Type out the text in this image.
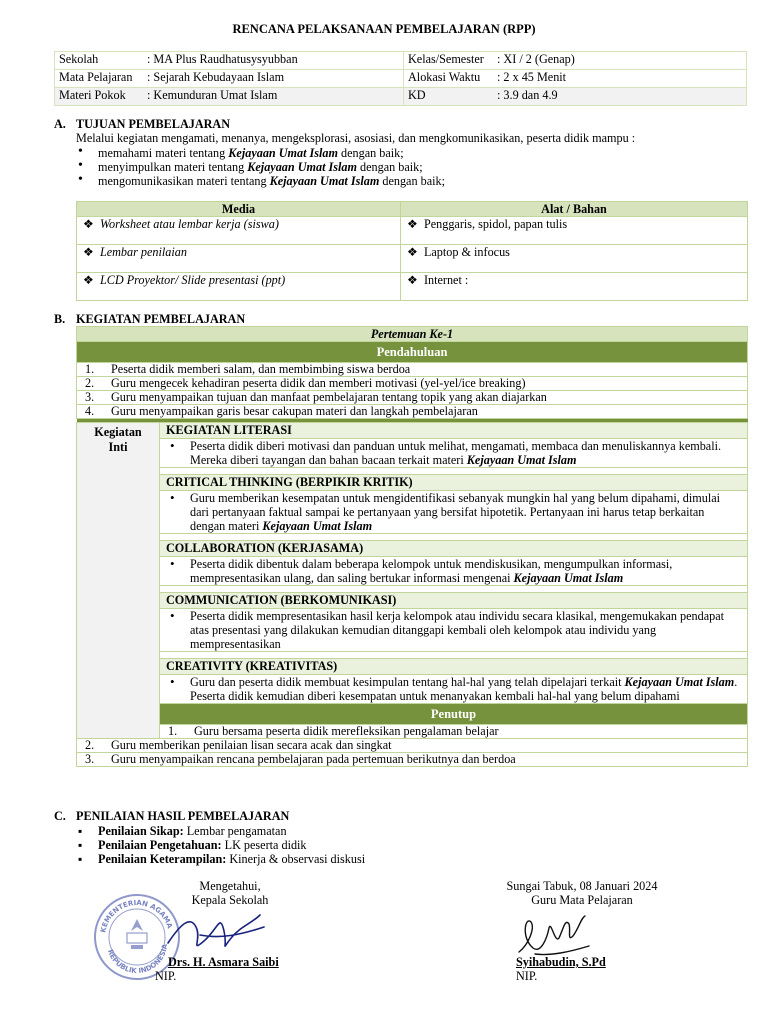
RENCANA PELAKSANAAN PEMBELAJARAN (RPP)
Sekolah : MA Plus Raudhatusysyubban	Kelas/Semester : XI / 2 (Genap)
Mata Pelajaran : Sejarah Kebudayaan Islam	Alokasi Waktu : 2 x 45 Menit
Materi Pokok : Kemunduran Umat Islam	KD : 3.9 dan 4.9
A. TUJUAN PEMBELAJARAN
Melalui kegiatan mengamati, menanya, mengeksplorasi, asosiasi, dan mengkomunikasikan, peserta didik mampu :
• memahami materi tentang Kejayaan Umat Islam dengan baik;
• menyimpulkan materi tentang Kejayaan Umat Islam dengan baik;
• mengomunikasikan materi tentang Kejayaan Umat Islam dengan baik;
Media	Alat / Bahan
❖ Worksheet atau lembar kerja (siswa)	❖ Penggaris, spidol, papan tulis
❖ Lembar penilaian	❖ Laptop & infocus
❖ LCD Proyektor/ Slide presentasi (ppt)	❖ Internet :
B. KEGIATAN PEMBELAJARAN
Pertemuan Ke-1
Pendahuluan
1. Peserta didik memberi salam, dan membimbing siswa berdoa
2. Guru mengecek kehadiran peserta didik dan memberi motivasi (yel-yel/ice breaking)
3. Guru menyampaikan tujuan dan manfaat pembelajaran tentang topik yang akan diajarkan
4. Guru menyampaikan garis besar cakupan materi dan langkah pembelajaran

Kegiatan
Inti	KEGIATAN LITERASI

• Peserta didik diberi motivasi dan panduan untuk melihat, mengamati, membaca dan menuliskannya kembali. Mereka diberi tayangan dan bahan bacaan terkait materi Kejayaan Umat Islam

CRITICAL THINKING (BERPIKIR KRITIK)

• Guru memberikan kesempatan untuk mengidentifikasi sebanyak mungkin hal yang belum dipahami, dimulai dari pertanyaan faktual sampai ke pertanyaan yang bersifat hipotetik. Pertanyaan ini harus tetap berkaitan dengan materi Kejayaan Umat Islam

COLLABORATION (KERJASAMA)

• Peserta didik dibentuk dalam beberapa kelompok untuk mendiskusikan, mengumpulkan informasi, mempresentasikan ulang, dan saling bertukar informasi mengenai Kejayaan Umat Islam

COMMUNICATION (BERKOMUNIKASI)

• Peserta didik mempresentasikan hasil kerja kelompok atau individu secara klasikal, mengemukakan pendapat atas presentasi yang dilakukan kemudian ditanggapi kembali oleh kelompok atau individu yang mempresentasikan

CREATIVITY (KREATIVITAS)

• Guru dan peserta didik membuat kesimpulan tentang hal-hal yang telah dipelajari terkait Kejayaan Umat Islam. Peserta didik kemudian diberi kesempatan untuk menanyakan kembali hal-hal yang belum dipahami

Penutup
1. Guru bersama peserta didik merefleksikan pengalaman belajar
2. Guru memberikan penilaian lisan secara acak dan singkat
3. Guru menyampaikan rencana pembelajaran pada pertemuan berikutnya dan berdoa
C. PENILAIAN HASIL PEMBELAJARAN
▪ Penilaian Sikap: Lembar pengamatan
▪ Penilaian Pengetahuan: LK peserta didik
▪ Penilaian Keterampilan: Kinerja & observasi diskusi
Mengetahui,
Kepala Sekolah
Sungai Tabuk, 08 Januari 2024
Guru Mata Pelajaran
KEMENTERIAN AGAMA
REPUBLIK INDONESIA
Drs. H. Asmara Saibi
NIP.
Syihabudin, S.Pd
NIP.
